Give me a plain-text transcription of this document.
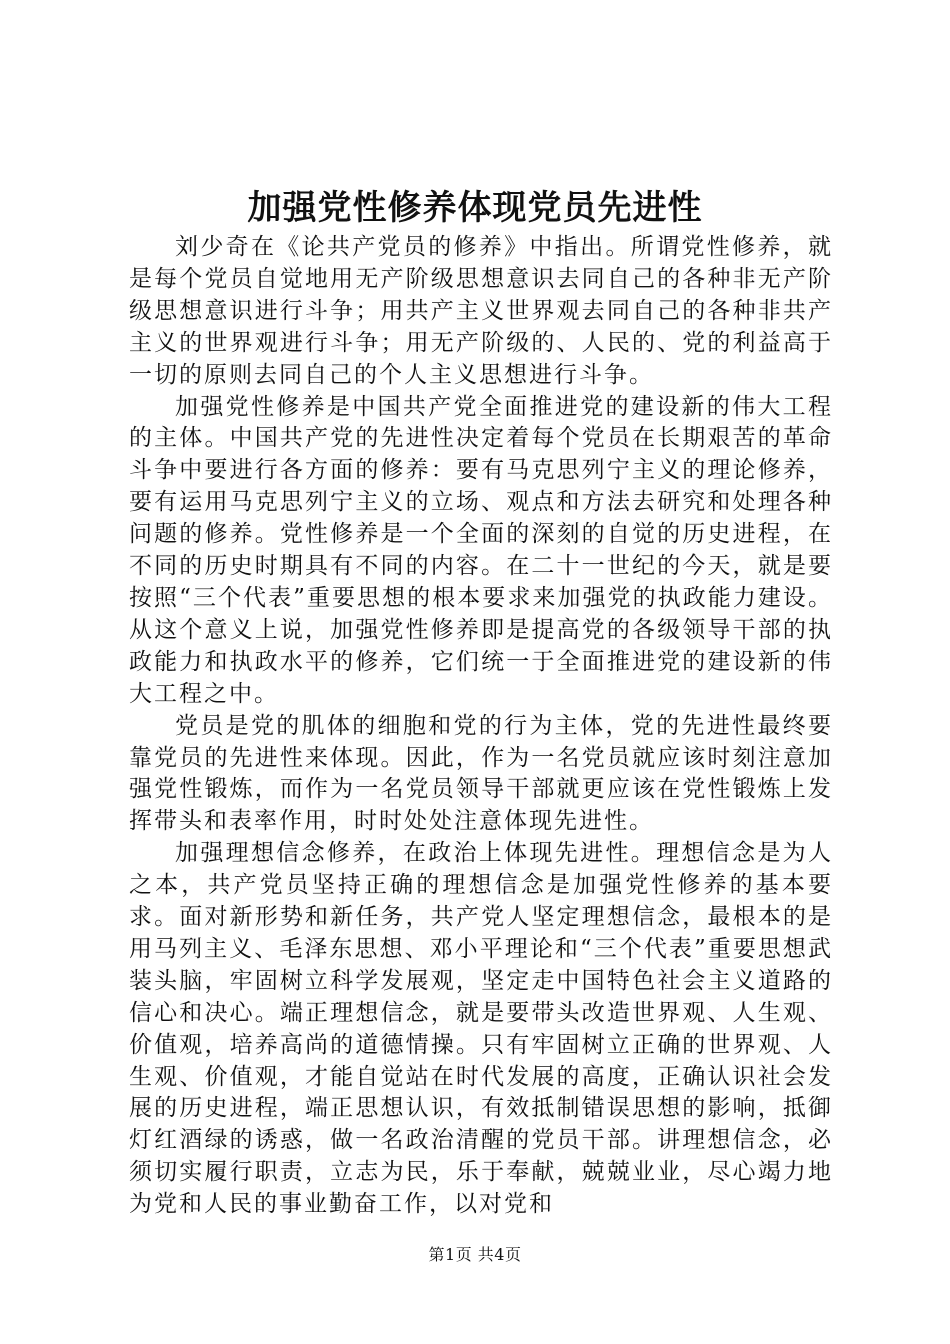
加强党性修养体现党员先进性

刘少奇在《论共产党员的修养》中指出。所谓党性修养，就是每个党员自觉地用无产阶级思想意识去同自己的各种非无产阶级思想意识进行斗争；用共产主义世界观去同自己的各种非共产主义的世界观进行斗争；用无产阶级的、人民的、党的利益高于一切的原则去同自己的个人主义思想进行斗争。

加强党性修养是中国共产党全面推进党的建设新的伟大工程的主体。中国共产党的先进性决定着每个党员在长期艰苦的革命斗争中要进行各方面的修养：要有马克思列宁主义的理论修养，要有运用马克思列宁主义的立场、观点和方法去研究和处理各种问题的修养。党性修养是一个全面的深刻的自觉的历史进程，在不同的历史时期具有不同的内容。在二十一世纪的今天，就是要按照“三个代表”重要思想的根本要求来加强党的执政能力建设。从这个意义上说，加强党性修养即是提高党的各级领导干部的执政能力和执政水平的修养，它们统一于全面推进党的建设新的伟大工程之中。

党员是党的肌体的细胞和党的行为主体，党的先进性最终要靠党员的先进性来体现。因此，作为一名党员就应该时刻注意加强党性锻炼，而作为一名党员领导干部就更应该在党性锻炼上发挥带头和表率作用，时时处处注意体现先进性。

加强理想信念修养，在政治上体现先进性。理想信念是为人之本，共产党员坚持正确的理想信念是加强党性修养的基本要求。面对新形势和新任务，共产党人坚定理想信念，最根本的是用马列主义、毛泽东思想、邓小平理论和“三个代表”重要思想武装头脑，牢固树立科学发展观，坚定走中国特色社会主义道路的信心和决心。端正理想信念，就是要带头改造世界观、人生观、价值观，培养高尚的道德情操。只有牢固树立正确的世界观、人生观、价值观，才能自觉站在时代发展的高度，正确认识社会发展的历史进程，端正思想认识，有效抵制错误思想的影响，抵御灯红酒绿的诱惑，做一名政治清醒的党员干部。讲理想信念，必须切实履行职责，立志为民，乐于奉献，兢兢业业，尽心竭力地为党和人民的事业勤奋工作，以对党和

第1页 共4页
